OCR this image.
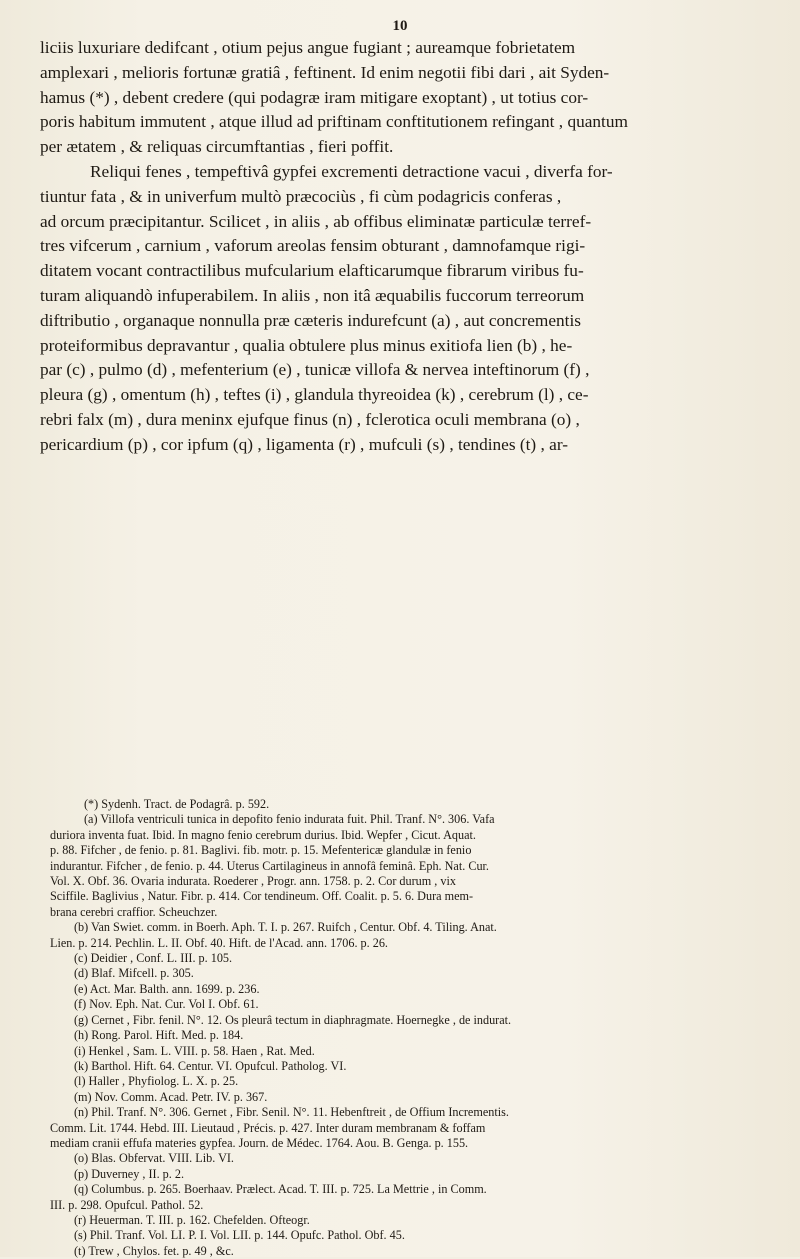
10
liciis luxuriare dedifcant , otium pejus angue fugiant ; aureamque fobrietatem
amplexari , melioris fortunæ gratiâ , feftinent. Id enim negotii fibi dari , ait Syden-
hamus (*) , debent credere (qui podagræ iram mitigare exoptant) , ut totius cor-
poris habitum immutent , atque illud ad priftinam conftitutionem refingant , quantum
per ætatem , & reliquas circumftantias , fieri poffit.
Reliqui fenes , tempeftivâ gypfei excrementi detractione vacui , diverfa for-
tiuntur fata , & in univerfum multò præcociùs , fi cùm podagricis conferas ,
ad orcum præcipitantur. Scilicet , in aliis , ab offibus eliminatæ particulæ terref-
tres vifcerum , carnium , vaforum areolas fensim obturant , damnofamque rigi-
ditatem vocant contractilibus mufcularium elafticarumque fibrarum viribus fu-
turam aliquandò infuperabilem. In aliis , non itâ æquabilis fuccorum terreorum
diftributio , organaque nonnulla præ cæteris indurefcunt (a) , aut concrementis
proteiformibus depravantur , qualia obtulere plus minus exitiofa lien (b) , he-
par (c) , pulmo (d) , mefenterium (e) , tunicæ villofa & nervea inteftinorum (f) ,
pleura (g) , omentum (h) , teftes (i) , glandula thyreoidea (k) , cerebrum (l) , ce-
rebri falx (m) , dura meninx ejufque finus (n) , fclerotica oculi membrana (o) ,
pericardium (p) , cor ipfum (q) , ligamenta (r) , mufculi (s) , tendines (t) , ar-
(*) Sydenh. Tract. de Podagrâ. p. 592.
(a) Villofa ventriculi tunica in depofito fenio indurata fuit. Phil. Tranf. N°. 306. Vafa
duriora inventa fuat. Ibid. In magno fenio cerebrum durius. Ibid. Wepfer , Cicut. Aquat.
p. 88. Fifcher , de fenio. p. 81. Baglivi. fib. motr. p. 15. Mefentericæ glandulæ in fenio
indurantur. Fifcher , de fenio. p. 44. Uterus Cartilagineus in annofâ feminâ. Eph. Nat. Cur.
Vol. X. Obf. 36. Ovaria indurata. Roederer , Progr. ann. 1758. p. 2. Cor durum , vix
Sciffile. Baglivius , Natur. Fibr. p. 414. Cor tendineum. Off. Coalit. p. 5. 6. Dura mem-
brana cerebri craffior. Scheuchzer.
(b) Van Swiet. comm. in Boerh. Aph. T. I. p. 267. Ruifch , Centur. Obf. 4. Tiling. Anat.
Lien. p. 214. Pechlin. L. II. Obf. 40. Hift. de l'Acad. ann. 1706. p. 26.
(c) Deidier , Conf. L. III. p. 105.
(d) Blaf. Mifcell. p. 305.
(e) Act. Mar. Balth. ann. 1699. p. 236.
(f) Nov. Eph. Nat. Cur. Vol I. Obf. 61.
(g) Cernet , Fibr. fenil. N°. 12. Os pleurâ tectum in diaphragmate. Hoernegke , de indurat.
(h) Rong. Parol. Hift. Med. p. 184.
(i) Henkel , Sam. L. VIII. p. 58. Haen , Rat. Med.
(k) Barthol. Hift. 64. Centur. VI. Opufcul. Patholog. VI.
(l) Haller , Phyfiolog. L. X. p. 25.
(m) Nov. Comm. Acad. Petr. IV. p. 367.
(n) Phil. Tranf. N°. 306. Gernet , Fibr. Senil. N°. 11. Hebenftreit , de Offium Incrementis.
Comm. Lit. 1744. Hebd. III. Lieutaud , Précis. p. 427. Inter duram membranam & foffam
mediam cranii effufa materies gypfea. Journ. de Médec. 1764. Aou. B. Genga. p. 155.
(o) Blas. Obfervat. VIII. Lib. VI.
(p) Duverney , II. p. 2.
(q) Columbus. p. 265. Boerhaav. Prælect. Acad. T. III. p. 725. La Mettrie , in Comm.
III. p. 298. Opufcul. Pathol. 52.
(r) Heuerman. T. III. p. 162. Chefelden. Ofteogr.
(s) Phil. Tranf. Vol. LI. P. I. Vol. LII. p. 144. Opufc. Pathol. Obf. 45.
(t) Trew , Chylos. fet. p. 49 , &c.
